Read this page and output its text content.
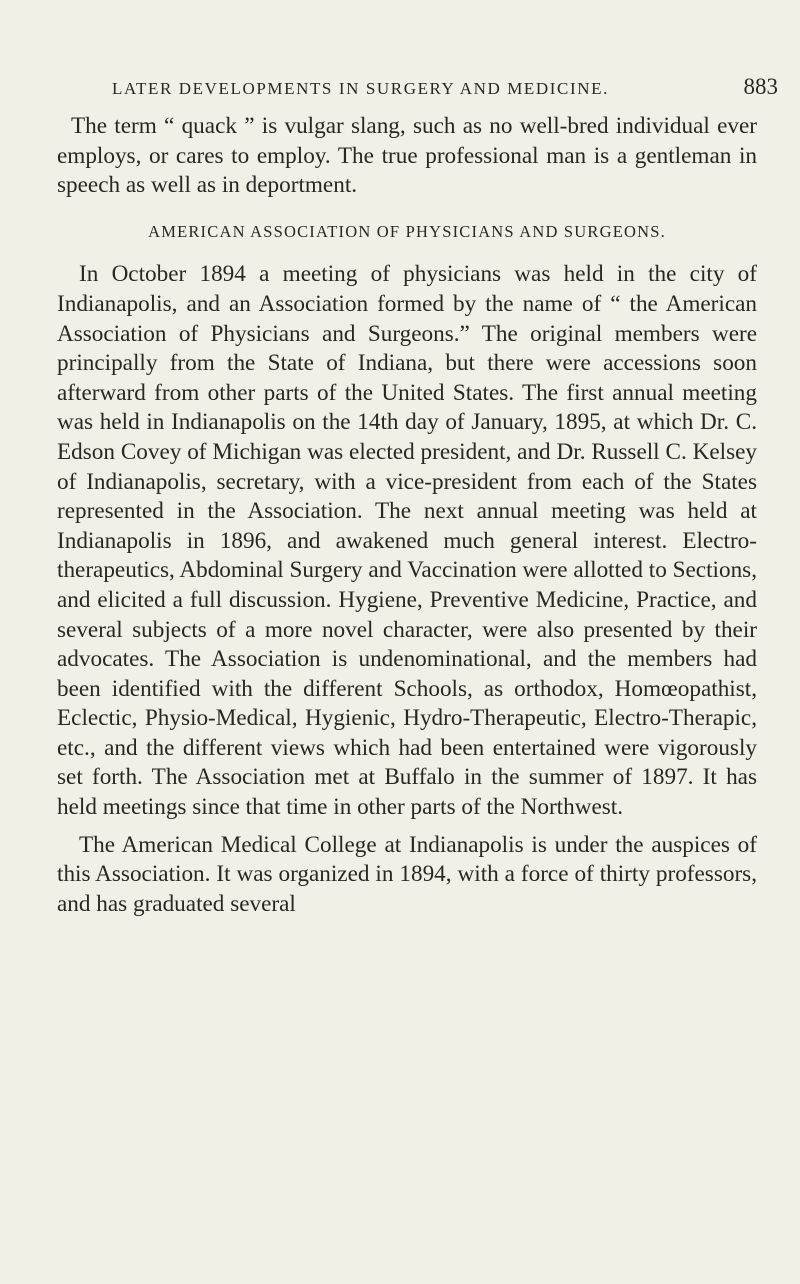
LATER DEVELOPMENTS IN SURGERY AND MEDICINE.	883

The term “ quack ” is vulgar slang, such as no well-bred individual ever employs, or cares to employ. The true professional man is a gentleman in speech as well as in deportment.

AMERICAN ASSOCIATION OF PHYSICIANS AND SURGEONS.

In October 1894 a meeting of physicians was held in the city of Indianapolis, and an Association formed by the name of “ the American Association of Physicians and Surgeons.” The original members were principally from the State of Indiana, but there were accessions soon afterward from other parts of the United States. The first annual meeting was held in Indianapolis on the 14th day of January, 1895, at which Dr. C. Edson Covey of Michigan was elected president, and Dr. Russell C. Kelsey of Indianapolis, secretary, with a vice-president from each of the States represented in the Association. The next annual meeting was held at Indianapolis in 1896, and awakened much general interest. Electro-therapeutics, Abdominal Surgery and Vaccination were allotted to Sections, and elicited a full discussion. Hygiene, Preventive Medicine, Practice, and several subjects of a more novel character, were also presented by their advocates. The Association is undenominational, and the members had been identified with the different Schools, as orthodox, Homœopathist, Eclectic, Physio-Medical, Hygienic, Hydro-Therapeutic, Electro-Therapic, etc., and the different views which had been entertained were vigorously set forth. The Association met at Buffalo in the summer of 1897. It has held meetings since that time in other parts of the Northwest.

The American Medical College at Indianapolis is under the auspices of this Association. It was organized in 1894, with a force of thirty professors, and has graduated several
